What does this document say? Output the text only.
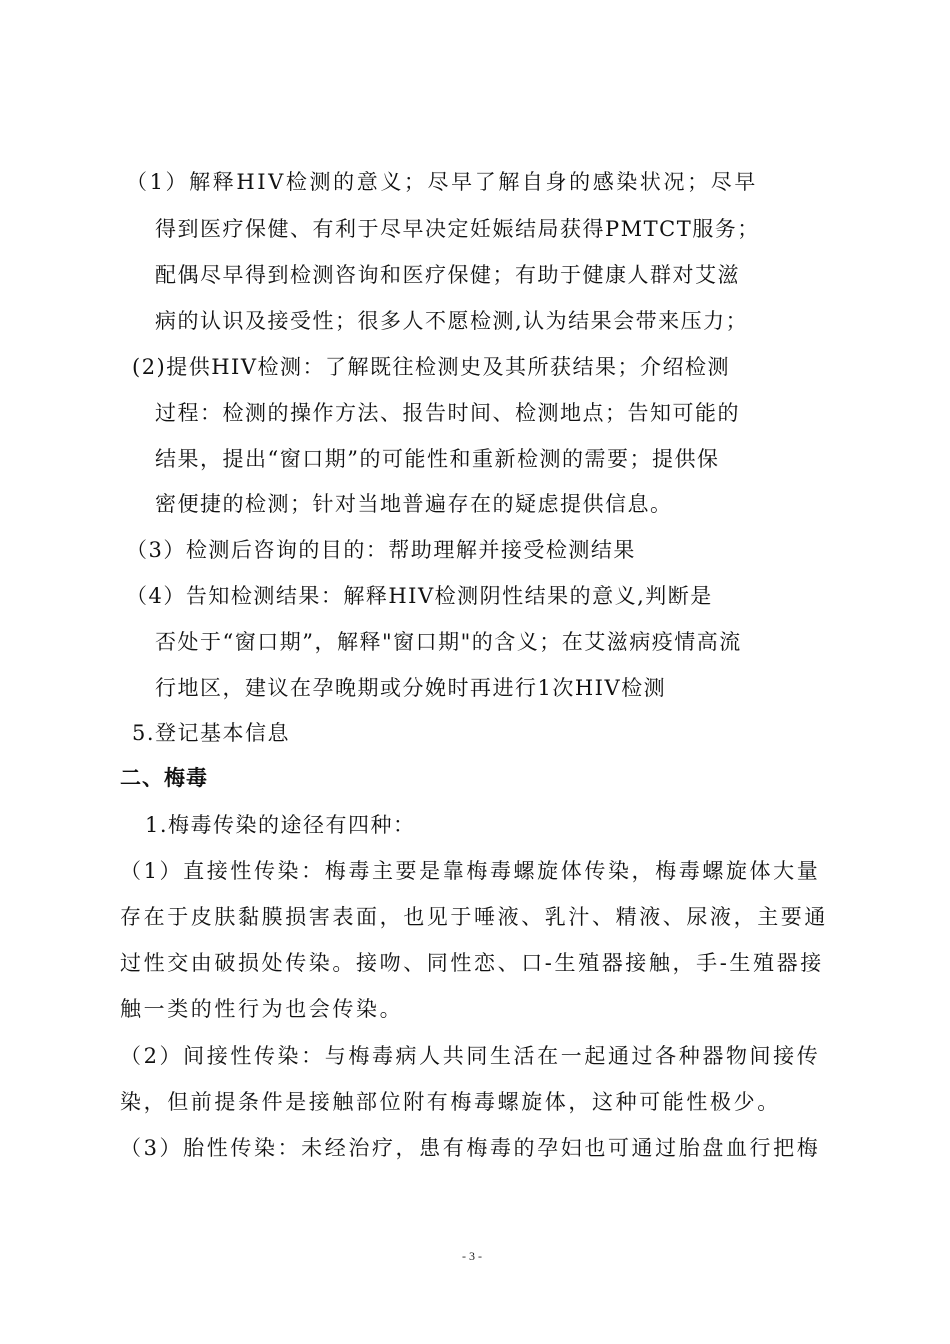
（1）解释HIV检测的意义；尽早了解自身的感染状况；尽早
得到医疗保健、有利于尽早决定妊娠结局获得PMTCT服务；
配偶尽早得到检测咨询和医疗保健；有助于健康人群对艾滋
病的认识及接受性；很多人不愿检测,认为结果会带来压力；
(2)提供HIV检测：了解既往检测史及其所获结果；介绍检测
过程：检测的操作方法、报告时间、检测地点；告知可能的
结果，提出“窗口期”的可能性和重新检测的需要；提供保
密便捷的检测；针对当地普遍存在的疑虑提供信息。
（3）检测后咨询的目的：帮助理解并接受检测结果
（4）告知检测结果：解释HIV检测阴性结果的意义,判断是
否处于“窗口期”，解释"窗口期"的含义；在艾滋病疫情高流
行地区，建议在孕晚期或分娩时再进行1次HIV检测
5.登记基本信息
二、梅毒
1.梅毒传染的途径有四种：
（1）直接性传染：梅毒主要是靠梅毒螺旋体传染，梅毒螺旋体大量
存在于皮肤黏膜损害表面，也见于唾液、乳汁、精液、尿液，主要通
过性交由破损处传染。接吻、同性恋、口-生殖器接触，手-生殖器接
触一类的性行为也会传染。
（2）间接性传染：与梅毒病人共同生活在一起通过各种器物间接传
染，但前提条件是接触部位附有梅毒螺旋体，这种可能性极少。
（3）胎性传染：未经治疗，患有梅毒的孕妇也可通过胎盘血行把梅
- 3 -
